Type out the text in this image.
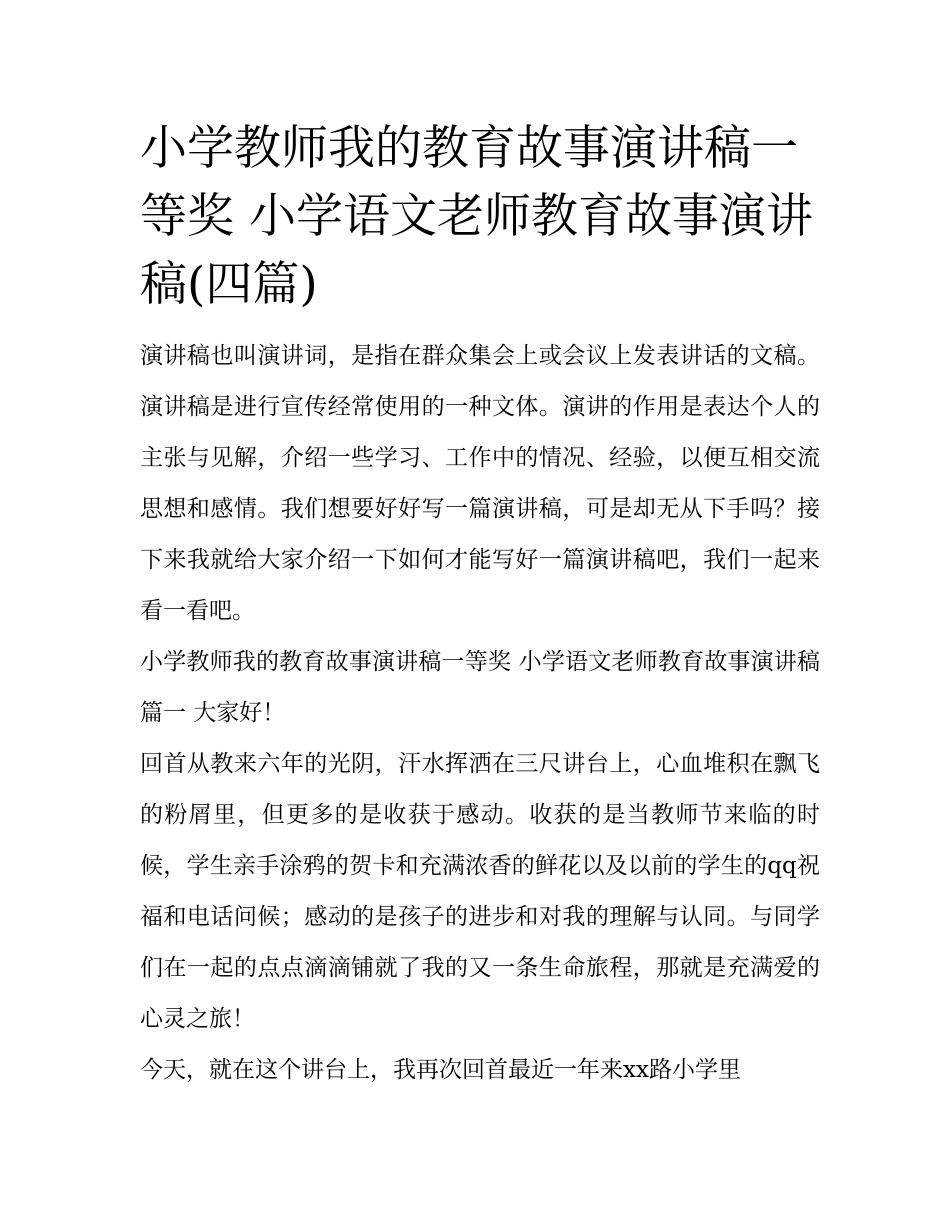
小学教师我的教育故事演讲稿一等奖 小学语文老师教育故事演讲稿(四篇)

演讲稿也叫演讲词，是指在群众集会上或会议上发表讲话的文稿。演讲稿是进行宣传经常使用的一种文体。演讲的作用是表达个人的主张与见解，介绍一些学习、工作中的情况、经验，以便互相交流思想和感情。我们想要好好写一篇演讲稿，可是却无从下手吗？接下来我就给大家介绍一下如何才能写好一篇演讲稿吧，我们一起来看一看吧。

小学教师我的教育故事演讲稿一等奖 小学语文老师教育故事演讲稿篇一 大家好！

回首从教来六年的光阴，汗水挥洒在三尺讲台上，心血堆积在飘飞的粉屑里，但更多的是收获于感动。收获的是当教师节来临的时候，学生亲手涂鸦的贺卡和充满浓香的鲜花以及以前的学生的qq祝福和电话问候；感动的是孩子的进步和对我的理解与认同。与同学们在一起的点点滴滴铺就了我的又一条生命旅程，那就是充满爱的心灵之旅！

今天，就在这个讲台上，我再次回首最近一年来xx路小学里
